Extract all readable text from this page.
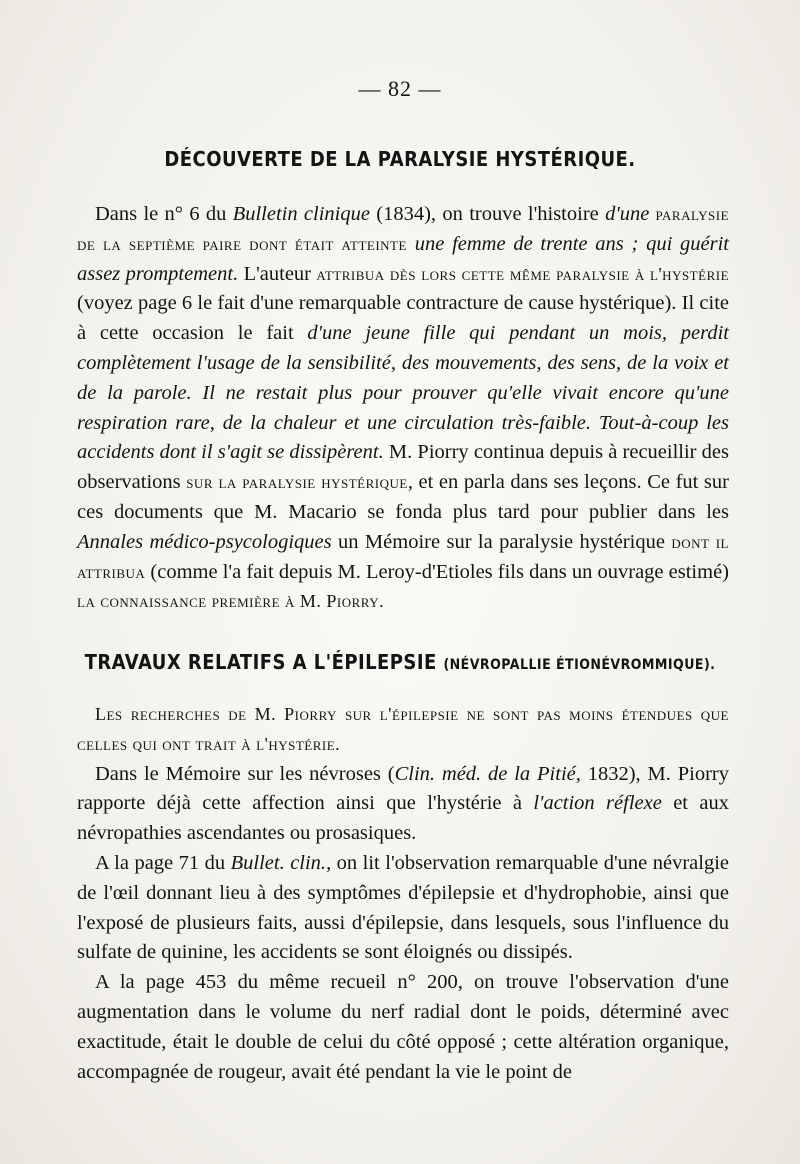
— 82 —
DÉCOUVERTE DE LA PARALYSIE HYSTÉRIQUE.

Dans le n° 6 du Bulletin clinique (1834), on trouve l'histoire d'une paralysie de la septième paire dont était atteinte une femme de trente ans ; qui guérit assez promptement. L'auteur attribua dès lors cette même paralysie à l'hystérie (voyez page 6 le fait d'une remarquable contracture de cause hystérique). Il cite à cette occasion le fait d'une jeune fille qui pendant un mois, perdit complètement l'usage de la sensibilité, des mouvements, des sens, de la voix et de la parole. Il ne restait plus pour prouver qu'elle vivait encore qu'une respiration rare, de la chaleur et une circulation très-faible. Tout-à-coup les accidents dont il s'agit se dissipèrent. M. Piorry continua depuis à recueillir des observations sur la paralysie hystérique, et en parla dans ses leçons. Ce fut sur ces documents que M. Macario se fonda plus tard pour publier dans les Annales médico-psycologiques un Mémoire sur la paralysie hystérique dont il attribua (comme l'a fait depuis M. Leroy-d'Etioles fils dans un ouvrage estimé) la connaissance première à M. Piorry.

TRAVAUX RELATIFS A L'ÉPILEPSIE (NÉVROPALLIE ÉTIONÉVROMMIQUE).

Les recherches de M. Piorry sur l'épilepsie ne sont pas moins étendues que celles qui ont trait à l'hystérie.

Dans le Mémoire sur les névroses (Clin. méd. de la Pitié, 1832), M. Piorry rapporte déjà cette affection ainsi que l'hystérie à l'action réflexe et aux névropathies ascendantes ou prosasiques.

A la page 71 du Bullet. clin., on lit l'observation remarquable d'une névralgie de l'œil donnant lieu à des symptômes d'épilepsie et d'hydrophobie, ainsi que l'exposé de plusieurs faits, aussi d'épilepsie, dans lesquels, sous l'influence du sulfate de quinine, les accidents se sont éloignés ou dissipés.

A la page 453 du même recueil n° 200, on trouve l'observation d'une augmentation dans le volume du nerf radial dont le poids, déterminé avec exactitude, était le double de celui du côté opposé ; cette altération organique, accompagnée de rougeur, avait été pendant la vie le point de
